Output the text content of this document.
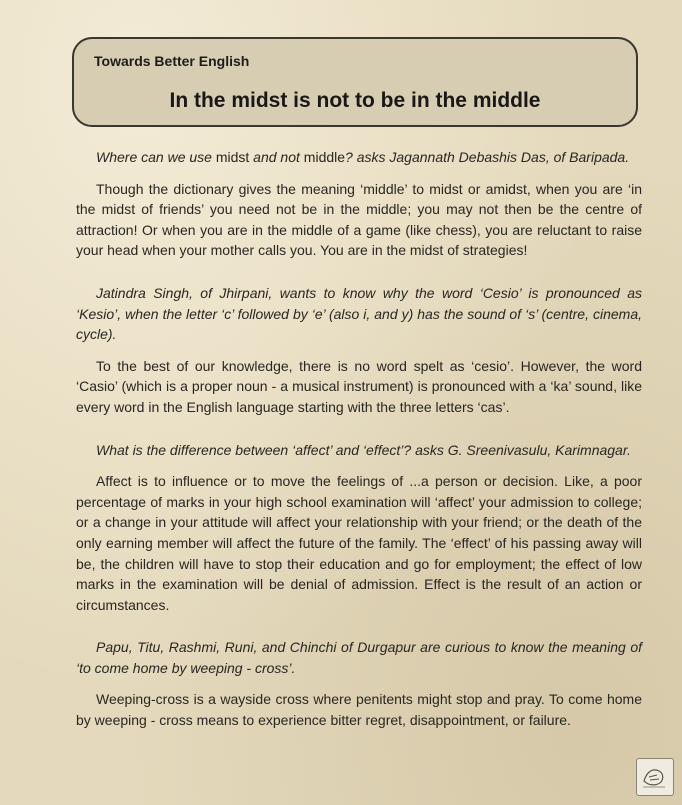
Towards Better English
In the midst is not to be in the middle

Where can we use midst and not middle? asks Jagannath Debashis Das, of Baripada.

Though the dictionary gives the meaning ‘middle’ to midst or amidst, when you are ‘in the midst of friends’ you need not be in the middle; you may not then be the centre of attraction! Or when you are in the middle of a game (like chess), you are reluctant to raise your head when your mother calls you. You are in the midst of strategies!

Jatindra Singh, of Jhirpani, wants to know why the word ‘Cesio’ is pronounced as ‘Kesio’, when the letter ‘c’ followed by ‘e’ (also i, and y) has the sound of ‘s’ (centre, cinema, cycle).

To the best of our knowledge, there is no word spelt as ‘cesio’. However, the word ‘Casio’ (which is a proper noun - a musical instrument) is pronounced with a ‘ka’ sound, like every word in the English language starting with the three letters ‘cas’.

What is the difference between ‘affect’ and ‘effect’? asks G. Sreenivasulu, Karimnagar.

Affect is to influence or to move the feelings of ...a person or decision. Like, a poor percentage of marks in your high school examination will ‘affect’ your admission to college; or a change in your attitude will affect your relationship with your friend; or the death of the only earning member will affect the future of the family. The ‘effect’ of his passing away will be, the children will have to stop their education and go for employment; the effect of low marks in the examination will be denial of admission. Effect is the result of an action or circumstances.

Papu, Titu, Rashmi, Runi, and Chinchi of Durgapur are curious to know the meaning of ‘to come home by weeping - cross’.

Weeping-cross is a wayside cross where penitents might stop and pray. To come home by weeping - cross means to experience bitter regret, disappointment, or failure.
